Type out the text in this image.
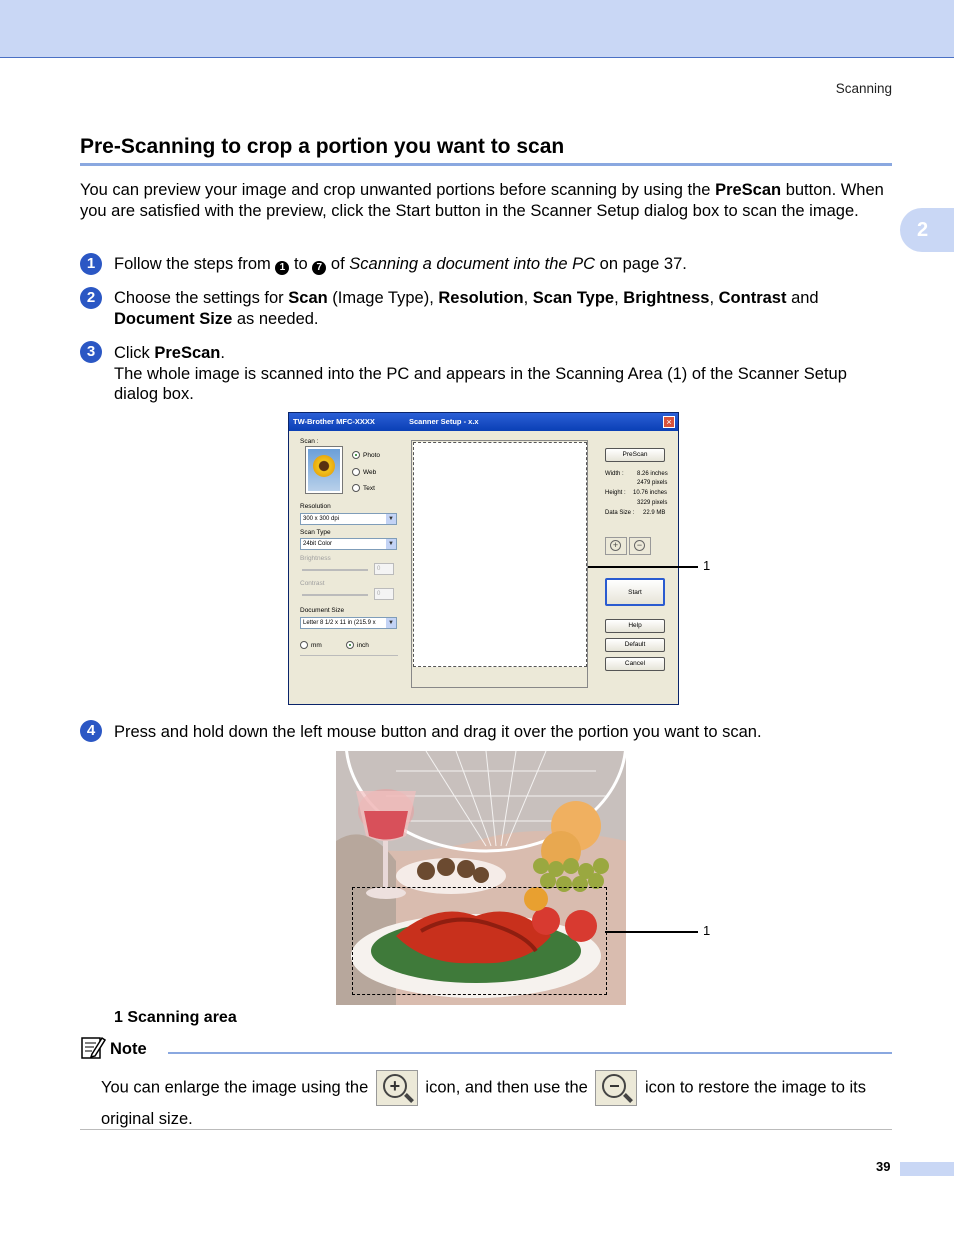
Scanning
2
Pre-Scanning to crop a portion you want to scan

You can preview your image and crop unwanted portions before scanning by using the PreScan button. When you are satisfied with the preview, click the Start button in the Scanner Setup dialog box to scan the image.

1	Follow the steps from 1 to 7 of Scanning a document into the PC on page 37.

2	Choose the settings for Scan (Image Type), Resolution, Scan Type, Brightness, Contrast and Document Size as needed.

3	Click PreScan.
The whole image is scanned into the PC and appears in the Scanning Area (1) of the Scanner Setup dialog box.

TW-Brother MFC-XXXX	Scanner Setup - x.x	×
Scan :
Photo
Web
Text
Resolution
300 x 300 dpi	▼
Scan Type
24bit Color	▼
Brightness
0
Contrast
0
Document Size
Letter 8 1/2 x 11 in (215.9 x	▼
mm	inch
PreScan
Width : 8.26 inches
2479 pixels
Height : 10.76 inches
3229 pixels
Data Size : 22.9 MB
+	−
Start
Help
Default
Cancel
1
4	Press and hold down the left mouse button and drag it over the portion you want to scan.

1
1 Scanning area
Note

You can enlarge the image using the +	icon, and then use the −	icon to restore the image to its original size.

39
